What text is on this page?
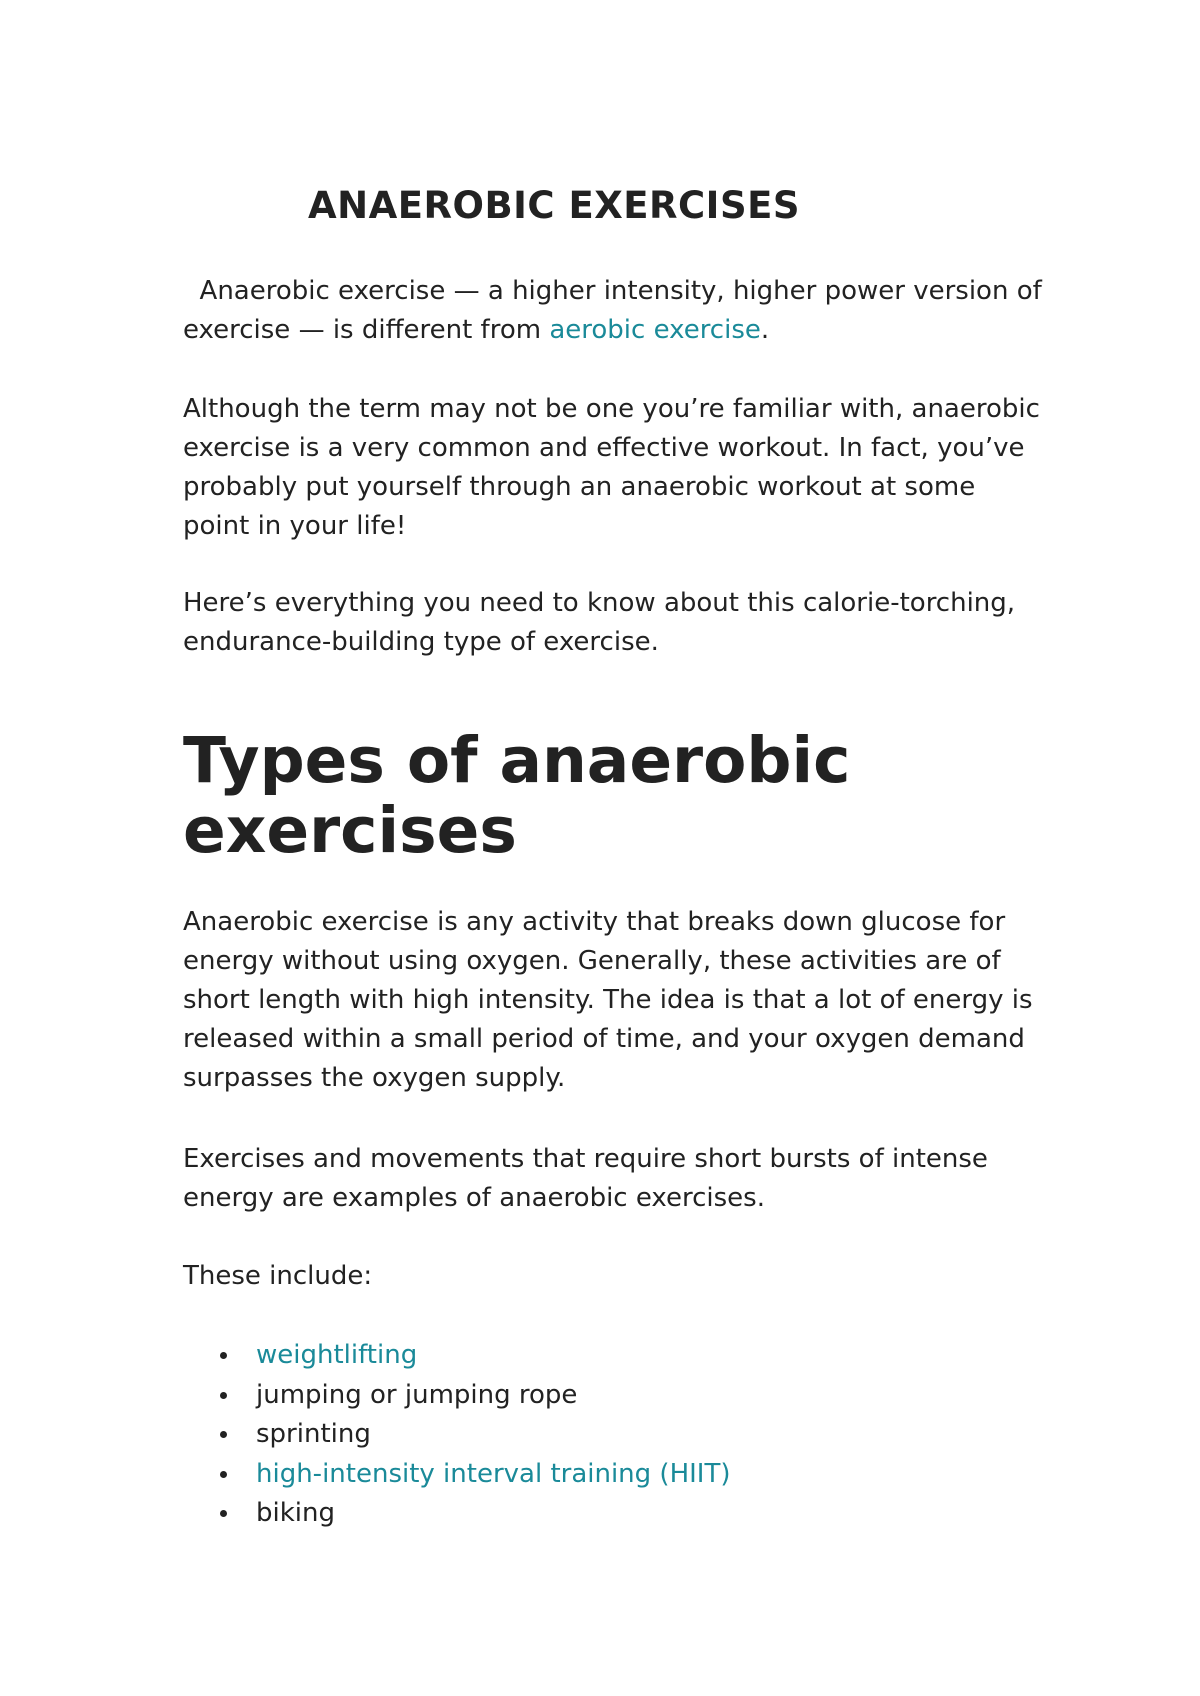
ANAEROBIC EXERCISES

Anaerobic exercise — a higher intensity, higher power version of exercise — is different from aerobic exercise.

Although the term may not be one you’re familiar with, anaerobic exercise is a very common and effective workout. In fact, you’ve probably put yourself through an anaerobic workout at some point in your life!

Here’s everything you need to know about this calorie-torching, endurance-building type of exercise.

Types of anaerobic exercises

Anaerobic exercise is any activity that breaks down glucose for energy without using oxygen. Generally, these activities are of short length with high intensity. The idea is that a lot of energy is released within a small period of time, and your oxygen demand surpasses the oxygen supply.

Exercises and movements that require short bursts of intense energy are examples of anaerobic exercises.

These include:

weightlifting
jumping or jumping rope
sprinting
high-intensity interval training (HIIT)
biking
